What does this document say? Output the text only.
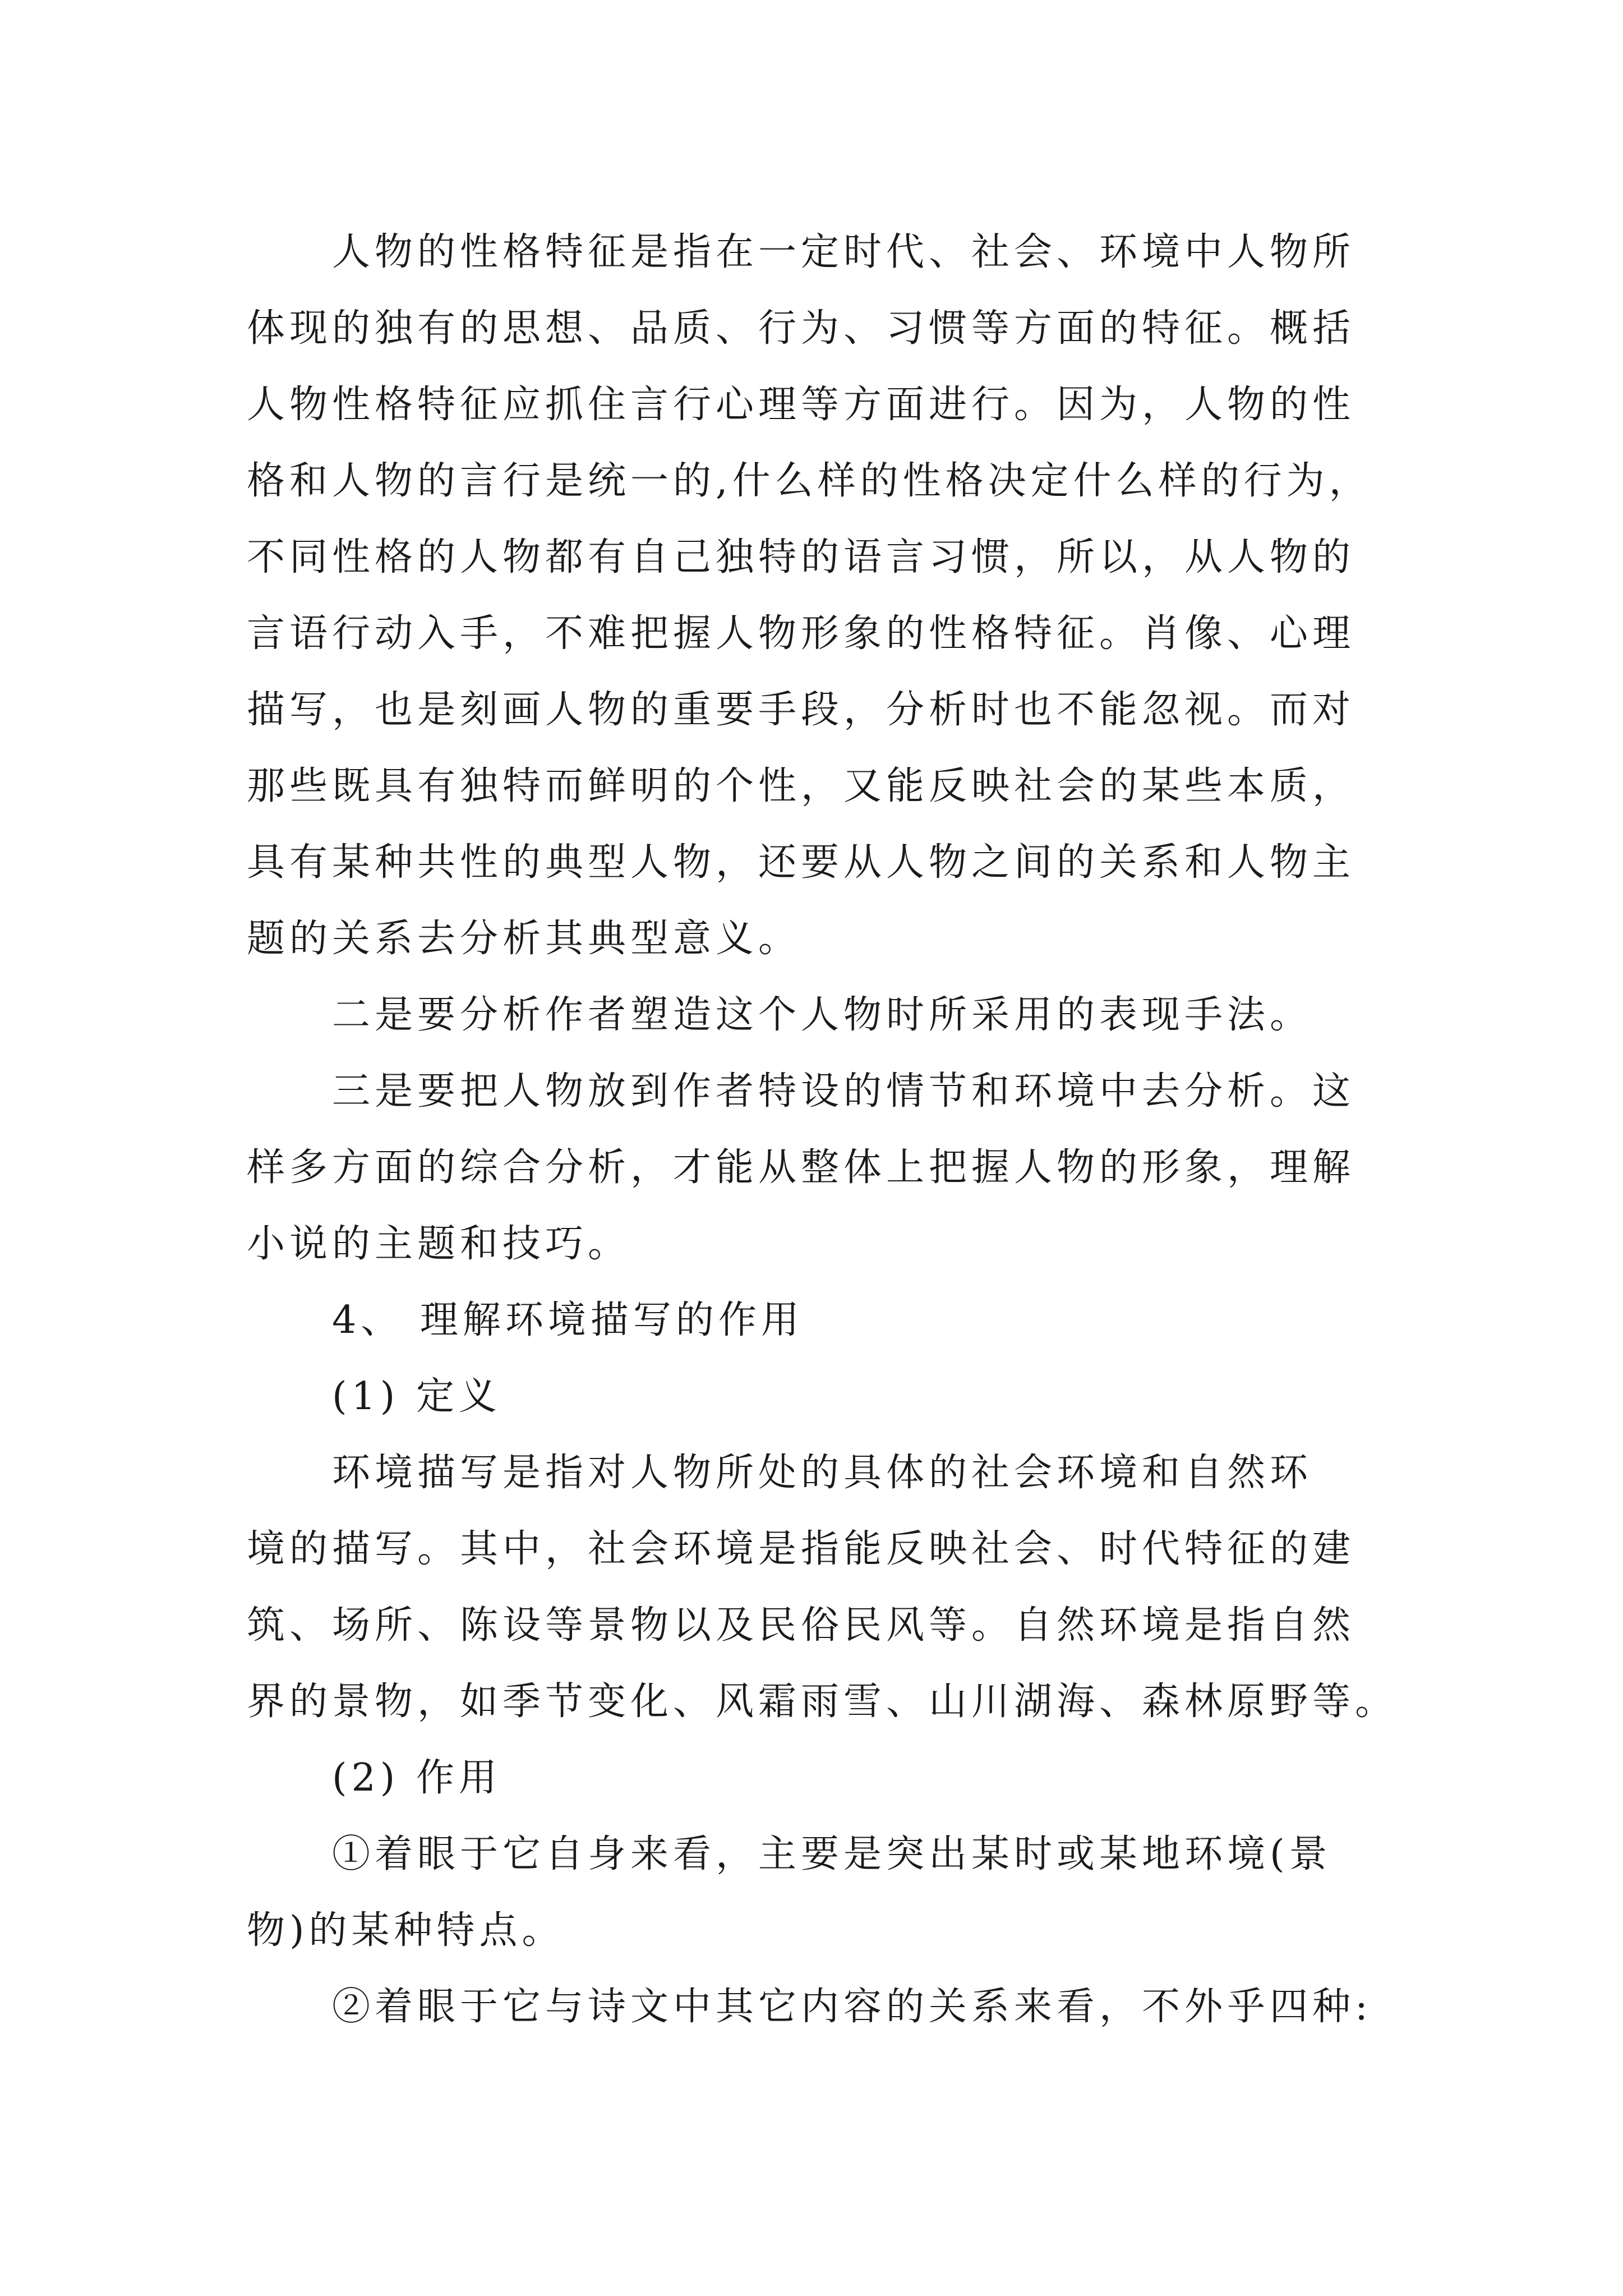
人物的性格特征是指在一定时代、社会、环境中人物所
体现的独有的思想、品质、行为、习惯等方面的特征。概括
人物性格特征应抓住言行心理等方面进行。因为，人物的性
格和人物的言行是统一的,什么样的性格决定什么样的行为，
不同性格的人物都有自己独特的语言习惯，所以，从人物的
言语行动入手，不难把握人物形象的性格特征。肖像、心理
描写，也是刻画人物的重要手段，分析时也不能忽视。而对
那些既具有独特而鲜明的个性，又能反映社会的某些本质，
具有某种共性的典型人物，还要从人物之间的关系和人物主
题的关系去分析其典型意义。

二是要分析作者塑造这个人物时所采用的表现手法。

三是要把人物放到作者特设的情节和环境中去分析。这
样多方面的综合分析，才能从整体上把握人物的形象，理解
小说的主题和技巧。

4、 理解环境描写的作用

(1) 定义

环境描写是指对人物所处的具体的社会环境和自然环
境的描写。其中，社会环境是指能反映社会、时代特征的建
筑、场所、陈设等景物以及民俗民风等。自然环境是指自然
界的景物，如季节变化、风霜雨雪、山川湖海、森林原野等。

(2) 作用

①着眼于它自身来看，主要是突出某时或某地环境(景
物)的某种特点。

②着眼于它与诗文中其它内容的关系来看，不外乎四种:
